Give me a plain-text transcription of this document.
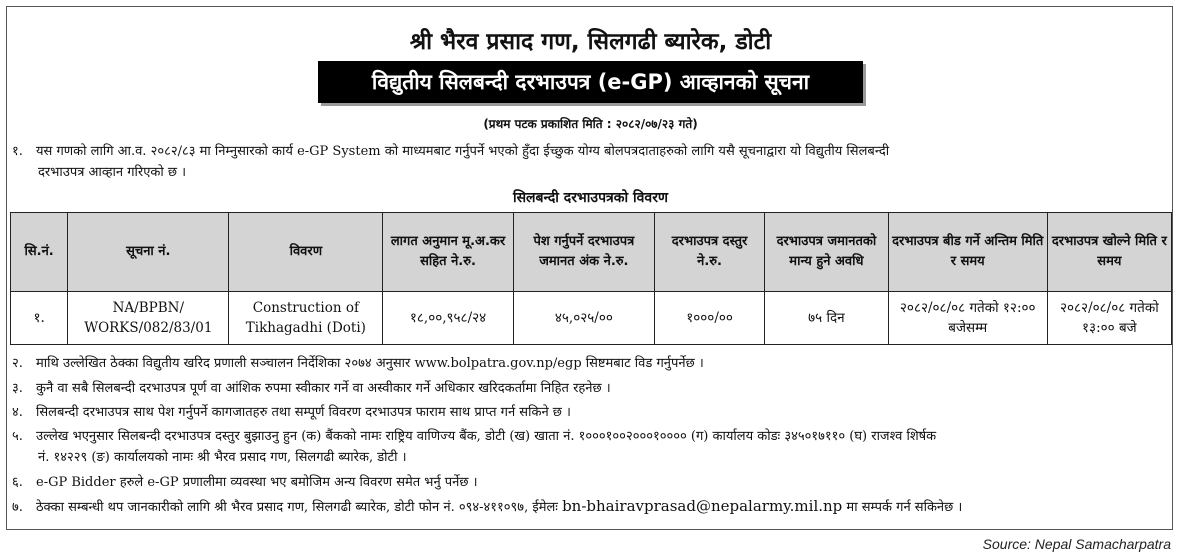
श्री भैरव प्रसाद गण, सिलगढी ब्यारेक, डोटी
विद्युतीय सिलबन्दी दरभाउपत्र (e-GP) आव्हानको सूचना
(प्रथम पटक प्रकाशित मिति : २०८२/०७/२३ गते)
१. यस गणको लागि आ.व. २०८२/८३ मा निम्नुसारको कार्य e-GP System को माध्यमबाट गर्नुपर्ने भएको हुँदा ईच्छुक योग्य बोलपत्रदाताहरुको लागि यसै सूचनाद्वारा यो विद्युतीय सिलबन्दी
दरभाउपत्र आव्हान गरिएको छ ।
सिलबन्दी दरभाउपत्रको विवरण
सि.नं.	सूचना नं.	विवरण	लागत अनुमान मू.अ.कर सहित ने.रु.	पेश गर्नुपर्ने दरभाउपत्र जमानत अंक ने.रु.	दरभाउपत्र दस्तुर ने.रु.	दरभाउपत्र जमानतको मान्य हुने अवधि	दरभाउपत्र बीड गर्ने अन्तिम मिति र समय	दरभाउपत्र खोल्ने मिति र समय
१.	NA/BPBN/ WORKS/082/83/01	Construction of Tikhagadhi (Doti)	१८,००,९५८/२४	४५,०२५/००	१०००/००	७५ दिन	२०८२/०८/०८ गतेको १२:०० बजेसम्म	२०८२/०८/०८ गतेको १३:०० बजे
२. माथि उल्लेखित ठेक्का विद्युतीय खरिद प्रणाली सञ्चालन निर्देशिका २०७४ अनुसार www.bolpatra.gov.np/egp सिष्टमबाट विड गर्नुपर्नेछ ।
३. कुनै वा सबै सिलबन्दी दरभाउपत्र पूर्ण वा आंशिक रुपमा स्वीकार गर्ने वा अस्वीकार गर्ने अधिकार खरिदकर्तामा निहित रहनेछ ।
४. सिलबन्दी दरभाउपत्र साथ पेश गर्नुपर्ने कागजातहरु तथा सम्पूर्ण विवरण दरभाउपत्र फाराम साथ प्राप्त गर्न सकिने छ ।
५. उल्लेख भएनुसार सिलबन्दी दरभाउपत्र दस्तुर बुझाउनु हुन (क) बैंकको नामः राष्ट्रिय वाणिज्य बैंक, डोटी (ख) खाता नं. १०००१००२०००१०००० (ग) कार्यालय कोडः ३४५०१७११० (घ) राजश्व शिर्षक
नं. १४२२९ (ङ) कार्यालयको नामः श्री भैरव प्रसाद गण, सिलगढी ब्यारेक, डोटी ।
६. e-GP Bidder हरुले e-GP प्रणालीमा व्यवस्था भए बमोजिम अन्य विवरण समेत भर्नु पर्नेछ ।
७. ठेक्का सम्बन्धी थप जानकारीको लागि श्री भैरव प्रसाद गण, सिलगढी ब्यारेक, डोटी फोन नं. ०९४-४११०९७, ईमेलः bn-bhairavprasad@nepalarmy.mil.np मा सम्पर्क गर्न सकिनेछ ।
Source: Nepal Samacharpatra
